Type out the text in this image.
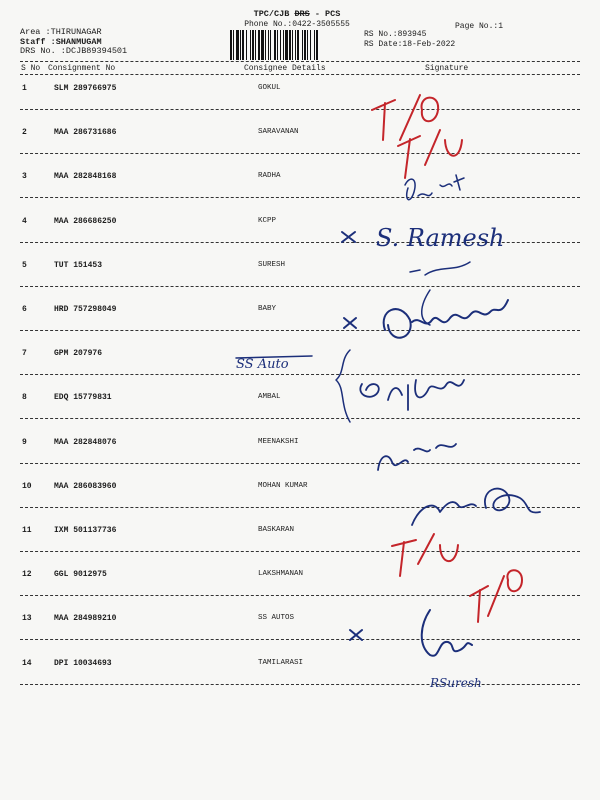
Area :THIRUNAGAR
Staff :SHANMUGAM
DRS No. :DCJB89394501
TPC/CJB DRS - PCS
Phone No.:0422-3505555
RS No.:893945
RS Date:18-Feb-2022
Page No.:1
S No Consignment No	Consignee Details	Signature
1	SLM 289766975	GOKUL
2	MAA 286731686	SARAVANAN
3	MAA 282848168	RADHA
4	MAA 286686250	KCPP
5	TUT 151453	SURESH
6	HRD 757298049	BABY
7	GPM 207976
8	EDQ 15779831	AMBAL
9	MAA 282848076	MEENAKSHI
10	MAA 286083960	MOHAN KUMAR
11	IXM 501137736	BASKARAN
12	GGL 9012975	LAKSHMANAN
13	MAA 284989210	SS AUTOS
14	DPI 10034693	TAMILARASI
S. Ramesh
SS Auto
RSuresh
